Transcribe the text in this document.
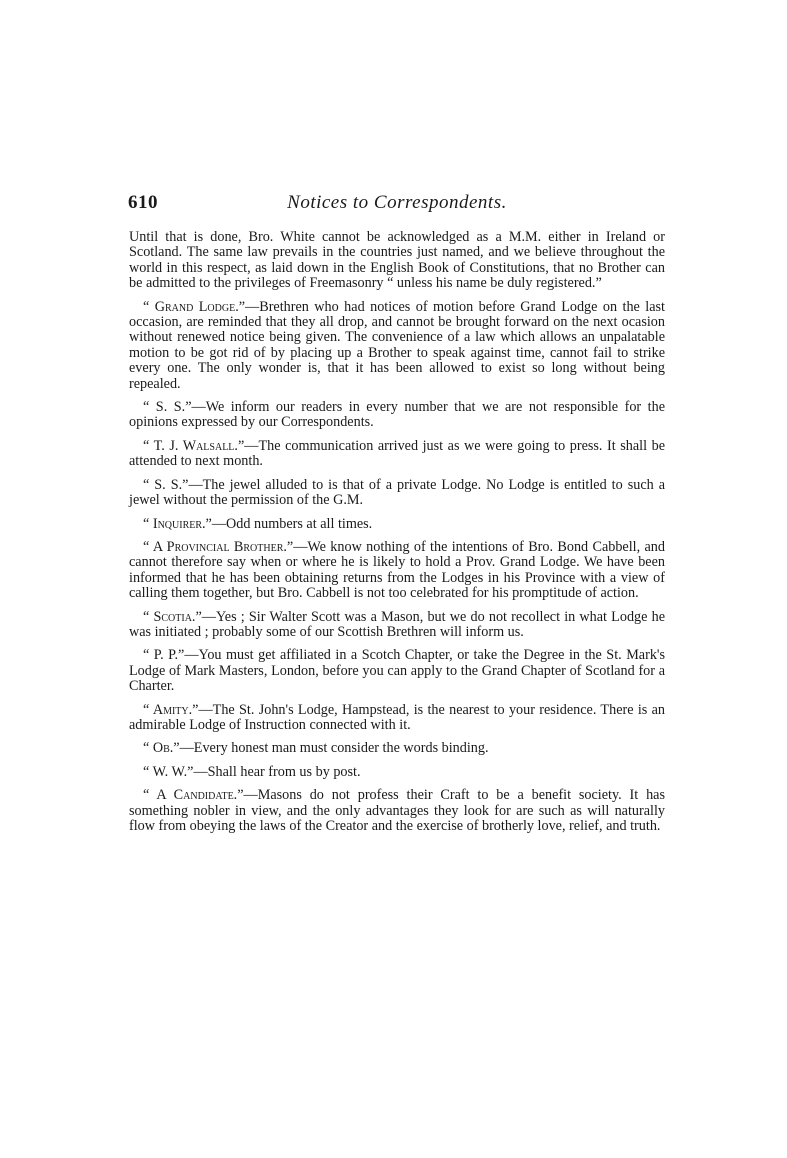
610	Notices to Correspondents.

Until that is done, Bro. White cannot be acknowledged as a M.M. either in Ireland or Scotland. The same law prevails in the countries just named, and we believe throughout the world in this respect, as laid down in the English Book of Constitutions, that no Brother can be admitted to the privileges of Freemasonry “ unless his name be duly registered.”

“ Grand Lodge.”—Brethren who had notices of motion before Grand Lodge on the last occasion, are reminded that they all drop, and cannot be brought forward on the next ocasion without renewed notice being given. The convenience of a law which allows an unpalatable motion to be got rid of by placing up a Brother to speak against time, cannot fail to strike every one. The only wonder is, that it has been allowed to exist so long without being repealed.

“ S. S.”—We inform our readers in every number that we are not responsible for the opinions expressed by our Correspondents.

“ T. J. Walsall.”—The communication arrived just as we were going to press. It shall be attended to next month.

“ S. S.”—The jewel alluded to is that of a private Lodge. No Lodge is entitled to such a jewel without the permission of the G.M.

“ Inquirer.”—Odd numbers at all times.

“ A Provincial Brother.”—We know nothing of the intentions of Bro. Bond Cabbell, and cannot therefore say when or where he is likely to hold a Prov. Grand Lodge. We have been informed that he has been obtaining returns from the Lodges in his Province with a view of calling them together, but Bro. Cabbell is not too celebrated for his promptitude of action.

“ Scotia.”—Yes ; Sir Walter Scott was a Mason, but we do not recollect in what Lodge he was initiated ; probably some of our Scottish Brethren will inform us.

“ P. P.”—You must get affiliated in a Scotch Chapter, or take the Degree in the St. Mark's Lodge of Mark Masters, London, before you can apply to the Grand Chapter of Scotland for a Charter.

“ Amity.”—The St. John's Lodge, Hampstead, is the nearest to your residence. There is an admirable Lodge of Instruction connected with it.

“ Ob.”—Every honest man must consider the words binding.

“ W. W.”—Shall hear from us by post.

“ A Candidate.”—Masons do not profess their Craft to be a benefit society. It has something nobler in view, and the only advantages they look for are such as will naturally flow from obeying the laws of the Creator and the exercise of brotherly love, relief, and truth.
